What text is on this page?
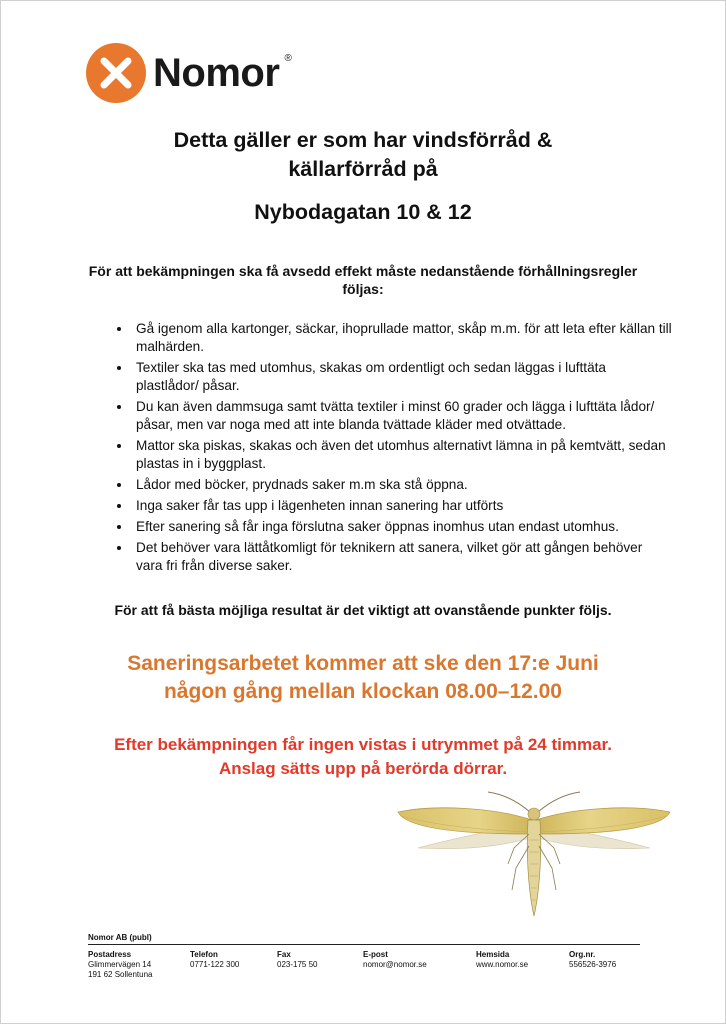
Nomor ®
Detta gäller er som har vindsförråd &
källarförråd på
Nybodagatan 10 & 12
För att bekämpningen ska få avsedd effekt måste nedanstående förhållningsregler följas:
• Gå igenom alla kartonger, säckar, ihoprullade mattor, skåp m.m. för att leta efter källan till malhärden.
• Textiler ska tas med utomhus, skakas om ordentligt och sedan läggas i lufttäta plastlådor/ påsar.
• Du kan även dammsuga samt tvätta textiler i minst 60 grader och lägga i lufttäta lådor/ påsar, men var noga med att inte blanda tvättade kläder med otvättade.
• Mattor ska piskas, skakas och även det utomhus alternativt lämna in på kemtvätt, sedan plastas in i byggplast.
• Lådor med böcker, prydnads saker m.m ska stå öppna.
• Inga saker får tas upp i lägenheten innan sanering har utförts
• Efter sanering så får inga förslutna saker öppnas inomhus utan endast utomhus.
• Det behöver vara lättåtkomligt för teknikern att sanera, vilket gör att gången behöver vara fri från diverse saker.
För att få bästa möjliga resultat är det viktigt att ovanstående punkter följs.
Saneringsarbetet kommer att ske den 17:e Juni
någon gång mellan klockan 08.00–12.00
Efter bekämpningen får ingen vistas i utrymmet på 24 timmar.
Anslag sätts upp på berörda dörrar.
Nomor AB (publ)
Postadress
Glimmervägen 14
191 62 Sollentuna
Telefon
0771-122 300
Fax
023-175 50
E-post
nomor@nomor.se
Hemsida
www.nomor.se
Org.nr.
556526-3976
